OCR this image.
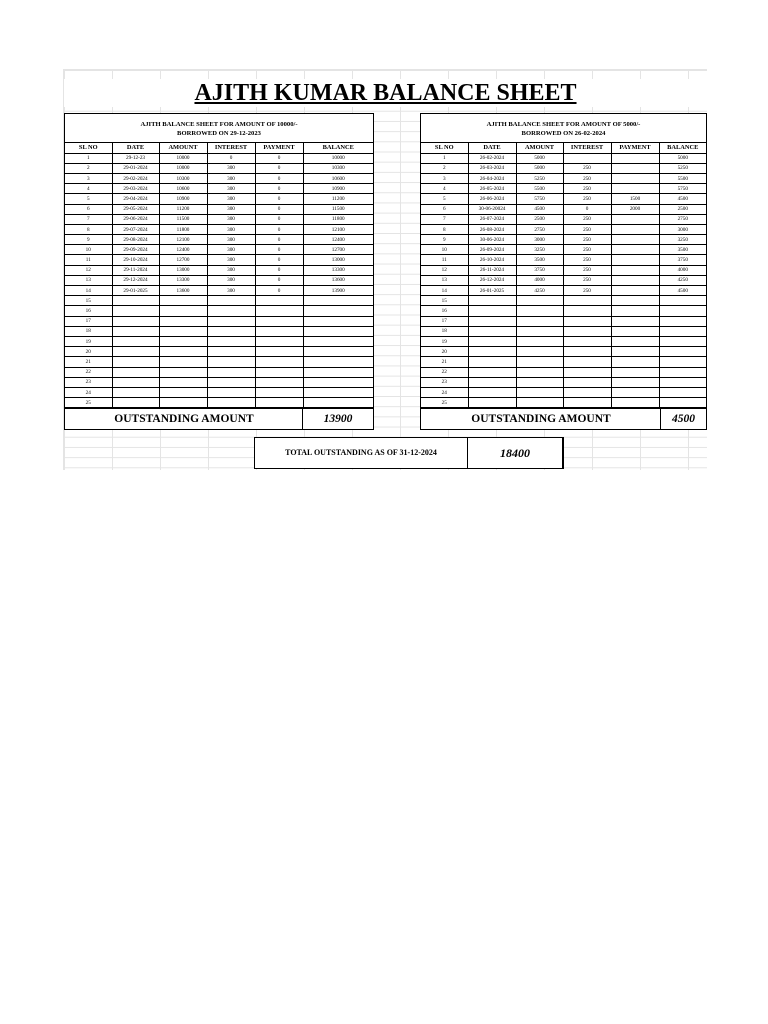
AJITH KUMAR BALANCE SHEET
AJITH BALANCE SHEET FOR AMOUNT OF 10000/-
BORROWED ON 29-12-2023
SL NO	DATE	AMOUNT	INTEREST	PAYMENT	BALANCE
1	29-12-23	10000	0	0	10000
2	29-01-2024	10000	300	0	10300
3	29-02-2024	10300	300	0	10600
4	29-03-2024	10600	300	0	10900
5	29-04-2024	10900	300	0	11200
6	29-05-2024	11200	300	0	11500
7	29-06-2024	11500	300	0	11800
8	29-07-2024	11800	300	0	12100
9	29-08-2024	12100	300	0	12400
10	29-09-2024	12400	300	0	12700
11	29-10-2024	12700	300	0	13000
12	29-11-2024	13000	300	0	13300
13	29-12-2024	13300	300	0	13600
14	29-01-2025	13600	300	0	13900
15					
16					
17					
18					
19					
20					
21					
22					
23					
24					
25					
OUTSTANDING AMOUNT	13900
AJITH BALANCE SHEET FOR AMOUNT OF 5000/-
BORROWED ON 26-02-2024
SL NO	DATE	AMOUNT	INTEREST	PAYMENT	BALANCE
1	26-02-2024	5000			5000
2	26-03-2024	5000	250		5250
3	26-04-2024	5250	250		5500
4	26-05-2024	5500	250		5750
5	26-06-2024	5750	250	1500	4500
6	30-06-20024	4500	0	2000	2500
7	26-07-2024	2500	250		2750
8	26-08-2024	2750	250		3000
9	30-06-2024	3000	250		3250
10	26-09-2024	3250	250		3500
11	26-10-2024	3500	250		3750
12	26-11-2024	3750	250		4000
13	26-12-2024	4000	250		4250
14	26-01-2025	4250	250		4500
15					
16					
17					
18					
19					
20					
21					
22					
23					
24					
25					
OUTSTANDING AMOUNT	4500
TOTAL OUTSTANDING AS OF 31-12-2024	18400
